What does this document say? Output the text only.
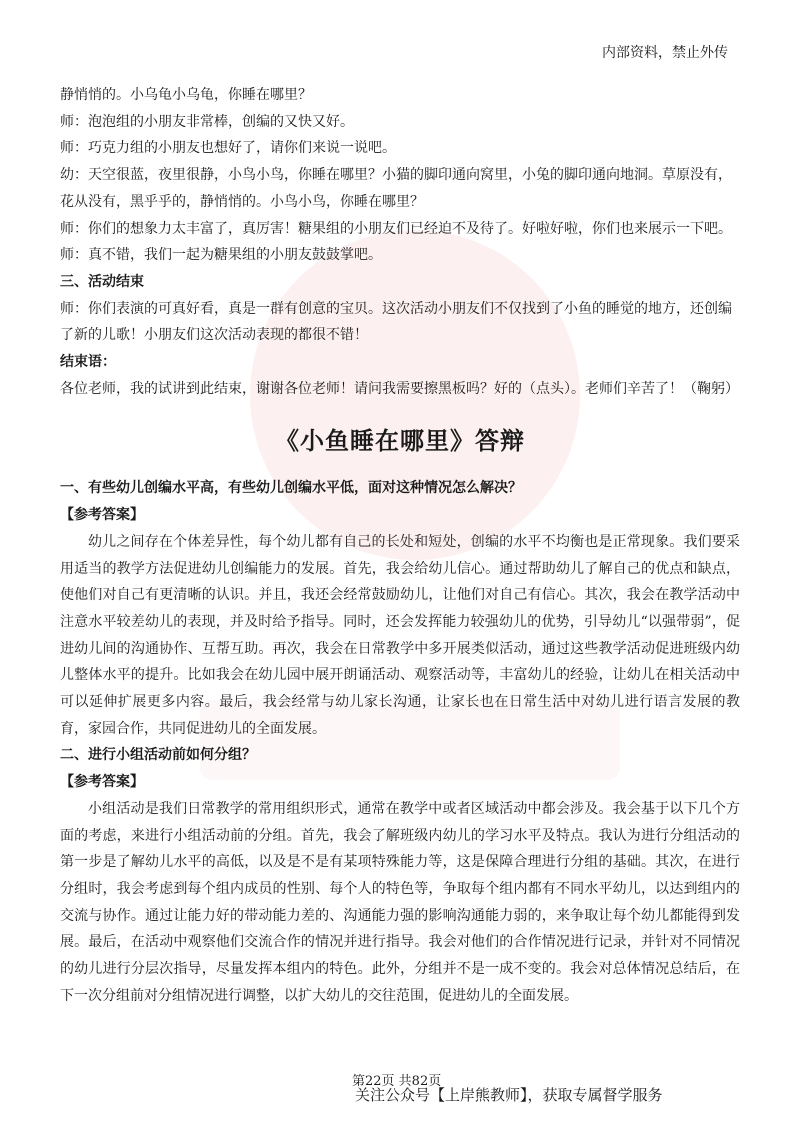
内部资料，禁止外传

静悄悄的。小乌龟小乌龟，你睡在哪里？

师：泡泡组的小朋友非常棒，创编的又快又好。

师：巧克力组的小朋友也想好了，请你们来说一说吧。

幼：天空很蓝，夜里很静，小鸟小鸟，你睡在哪里？小猫的脚印通向窝里，小兔的脚印通向地洞。草原没有，花从没有，黑乎乎的，静悄悄的。小鸟小鸟，你睡在哪里？

师：你们的想象力太丰富了，真厉害！糖果组的小朋友们已经迫不及待了。好啦好啦，你们也来展示一下吧。

师：真不错，我们一起为糖果组的小朋友鼓鼓掌吧。

三、活动结束

师：你们表演的可真好看，真是一群有创意的宝贝。这次活动小朋友们不仅找到了小鱼的睡觉的地方，还创编了新的儿歌！小朋友们这次活动表现的都很不错！

结束语：

各位老师，我的试讲到此结束，谢谢各位老师！请问我需要擦黑板吗？好的（点头）。老师们辛苦了！（鞠躬）

《小鱼睡在哪里》答辩

一、有些幼儿创编水平高，有些幼儿创编水平低，面对这种情况怎么解决？

【参考答案】

幼儿之间存在个体差异性，每个幼儿都有自己的长处和短处，创编的水平不均衡也是正常现象。我们要采用适当的教学方法促进幼儿创编能力的发展。首先，我会给幼儿信心。通过帮助幼儿了解自己的优点和缺点，使他们对自己有更清晰的认识。并且，我还会经常鼓励幼儿，让他们对自己有信心。其次，我会在教学活动中注意水平较差幼儿的表现，并及时给予指导。同时，还会发挥能力较强幼儿的优势，引导幼儿“以强带弱”，促进幼儿间的沟通协作、互帮互助。再次，我会在日常教学中多开展类似活动，通过这些教学活动促进班级内幼儿整体水平的提升。比如我会在幼儿园中展开朗诵活动、观察活动等，丰富幼儿的经验，让幼儿在相关活动中可以延伸扩展更多内容。最后，我会经常与幼儿家长沟通，让家长也在日常生活中对幼儿进行语言发展的教育，家园合作，共同促进幼儿的全面发展。

二、进行小组活动前如何分组？

【参考答案】

小组活动是我们日常教学的常用组织形式，通常在教学中或者区域活动中都会涉及。我会基于以下几个方面的考虑，来进行小组活动前的分组。首先，我会了解班级内幼儿的学习水平及特点。我认为进行分组活动的第一步是了解幼儿水平的高低，以及是不是有某项特殊能力等，这是保障合理进行分组的基础。其次，在进行分组时，我会考虑到每个组内成员的性别、每个人的特色等，争取每个组内都有不同水平幼儿，以达到组内的交流与协作。通过让能力好的带动能力差的、沟通能力强的影响沟通能力弱的，来争取让每个幼儿都能得到发展。最后，在活动中观察他们交流合作的情况并进行指导。我会对他们的合作情况进行记录，并针对不同情况的幼儿进行分层次指导，尽量发挥本组内的特色。此外，分组并不是一成不变的。我会对总体情况总结后，在下一次分组前对分组情况进行调整，以扩大幼儿的交往范围，促进幼儿的全面发展。

第22页 共82页
关注公众号【上岸熊教师】，获取专属督学服务
